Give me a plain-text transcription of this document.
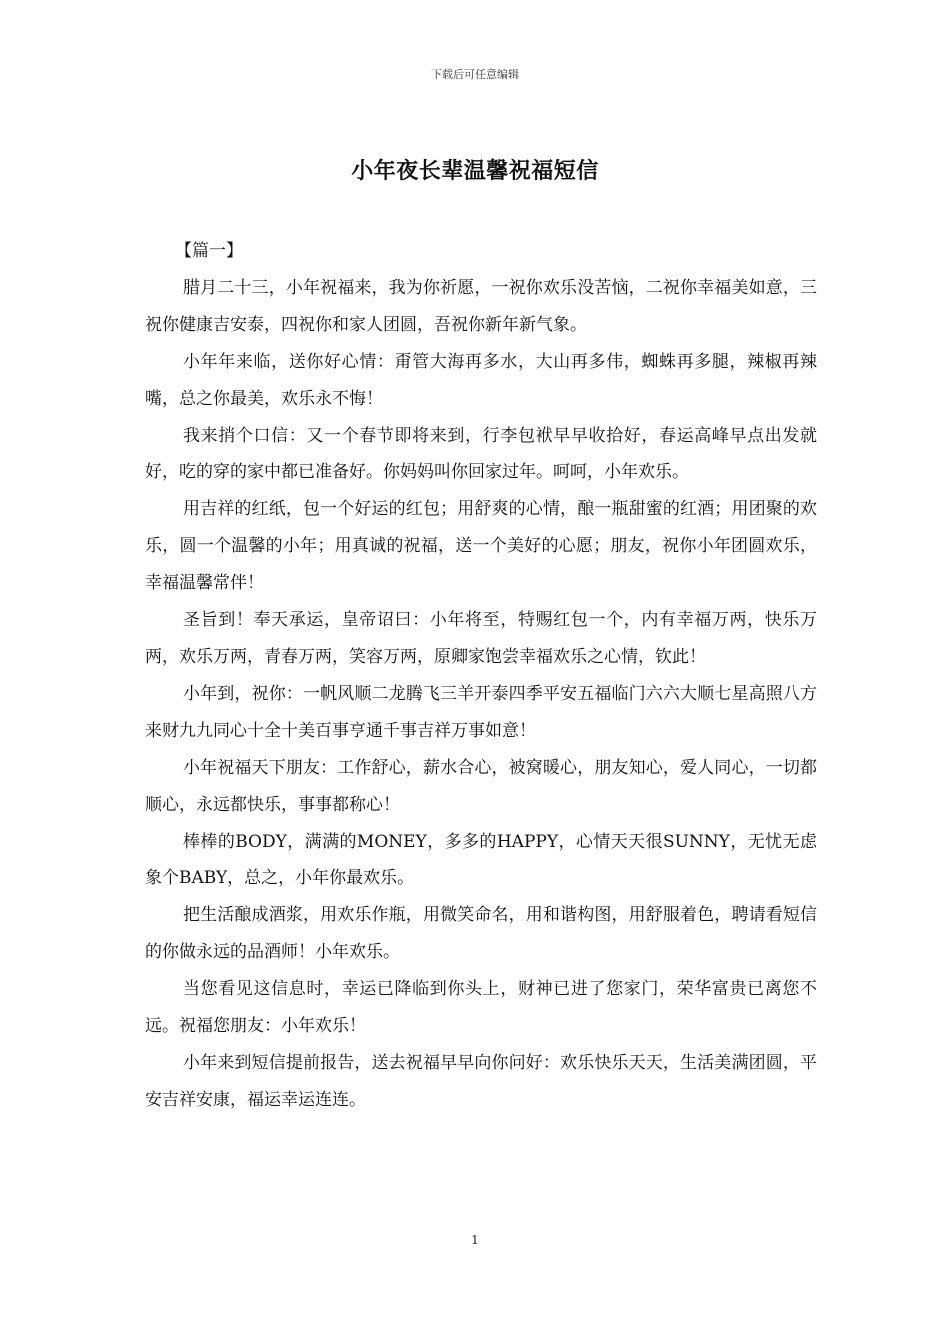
下载后可任意编辑
小年夜长辈温馨祝福短信

【篇一】

腊月二十三，小年祝福来，我为你祈愿，一祝你欢乐没苦恼，二祝你幸福美如意，三祝你健康吉安泰，四祝你和家人团圆，吾祝你新年新气象。

小年年来临，送你好心情：甭管大海再多水，大山再多伟，蜘蛛再多腿，辣椒再辣嘴，总之你最美，欢乐永不悔！

我来捎个口信：又一个春节即将来到，行李包袱早早收拾好，春运高峰早点出发就好，吃的穿的家中都已准备好。你妈妈叫你回家过年。呵呵，小年欢乐。

用吉祥的红纸，包一个好运的红包；用舒爽的心情，酿一瓶甜蜜的红酒；用团聚的欢乐，圆一个温馨的小年；用真诚的祝福，送一个美好的心愿；朋友，祝你小年团圆欢乐，幸福温馨常伴！

圣旨到！奉天承运，皇帝诏曰：小年将至，特赐红包一个，内有幸福万两，快乐万两，欢乐万两，青春万两，笑容万两，原卿家饱尝幸福欢乐之心情，钦此！

小年到，祝你：一帆风顺二龙腾飞三羊开泰四季平安五福临门六六大顺七星高照八方来财九九同心十全十美百事亨通千事吉祥万事如意！

小年祝福天下朋友：工作舒心，薪水合心，被窝暖心，朋友知心，爱人同心，一切都顺心，永远都快乐，事事都称心！

棒棒的BODY，满满的MONEY，多多的HAPPY，心情天天很SUNNY，无忧无虑象个BABY，总之，小年你最欢乐。

把生活酿成酒浆，用欢乐作瓶，用微笑命名，用和谐构图，用舒服着色，聘请看短信的你做永远的品酒师！小年欢乐。

当您看见这信息时，幸运已降临到你头上，财神已进了您家门，荣华富贵已离您不远。祝福您朋友：小年欢乐！

小年来到短信提前报告，送去祝福早早向你问好：欢乐快乐天天，生活美满团圆，平安吉祥安康，福运幸运连连。

1
